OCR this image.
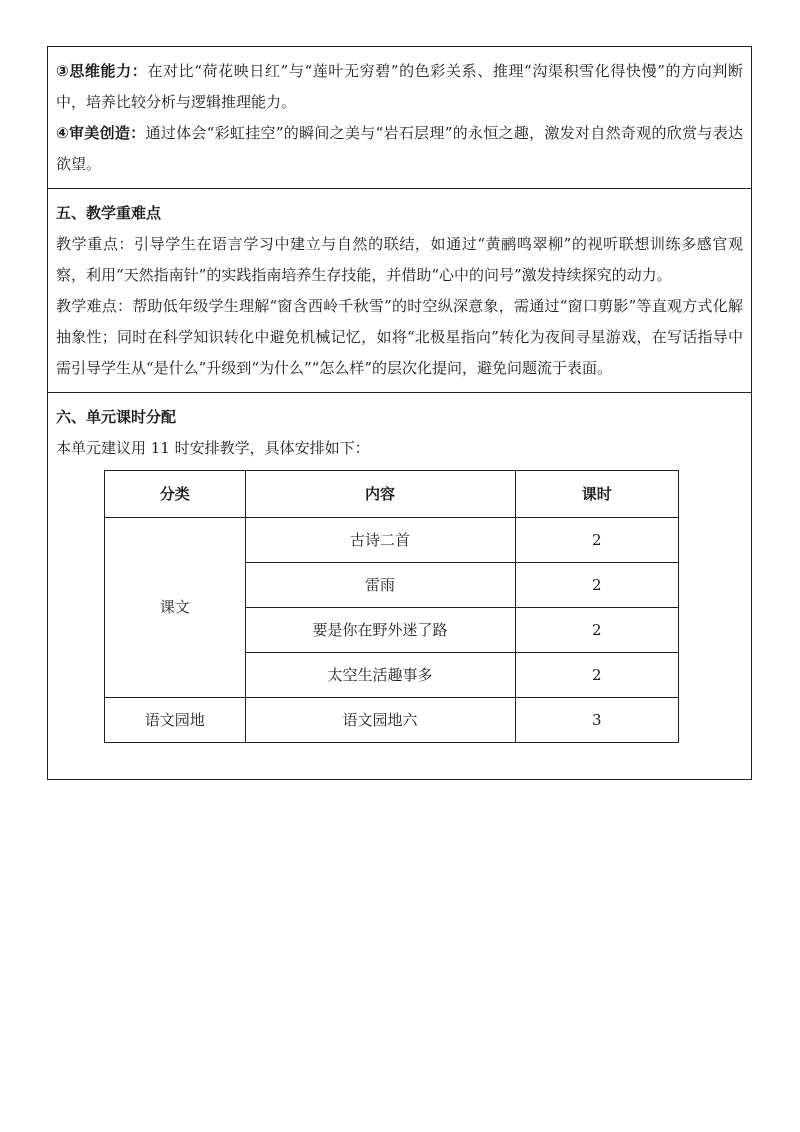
③思维能力：在对比“荷花映日红”与“莲叶无穷碧”的色彩关系、推理“沟渠积雪化得快慢”的方向判断中，培养比较分析与逻辑推理能力。

④审美创造：通过体会“彩虹挂空”的瞬间之美与“岩石层理”的永恒之趣，激发对自然奇观的欣赏与表达欲望。

五、教学重难点

教学重点：引导学生在语言学习中建立与自然的联结，如通过“黄鹂鸣翠柳”的视听联想训练多感官观察，利用“天然指南针”的实践指南培养生存技能，并借助“心中的问号”激发持续探究的动力。

教学难点：帮助低年级学生理解“窗含西岭千秋雪”的时空纵深意象，需通过“窗口剪影”等直观方式化解抽象性；同时在科学知识转化中避免机械记忆，如将“北极星指向”转化为夜间寻星游戏，在写话指导中需引导学生从“是什么”升级到“为什么”“怎么样”的层次化提问，避免问题流于表面。

六、单元课时分配

本单元建议用 11 时安排教学，具体安排如下：

分类	内容	课时
课文	古诗二首	2
	雷雨	2
	要是你在野外迷了路	2
	太空生活趣事多	2
语文园地	语文园地六	3
